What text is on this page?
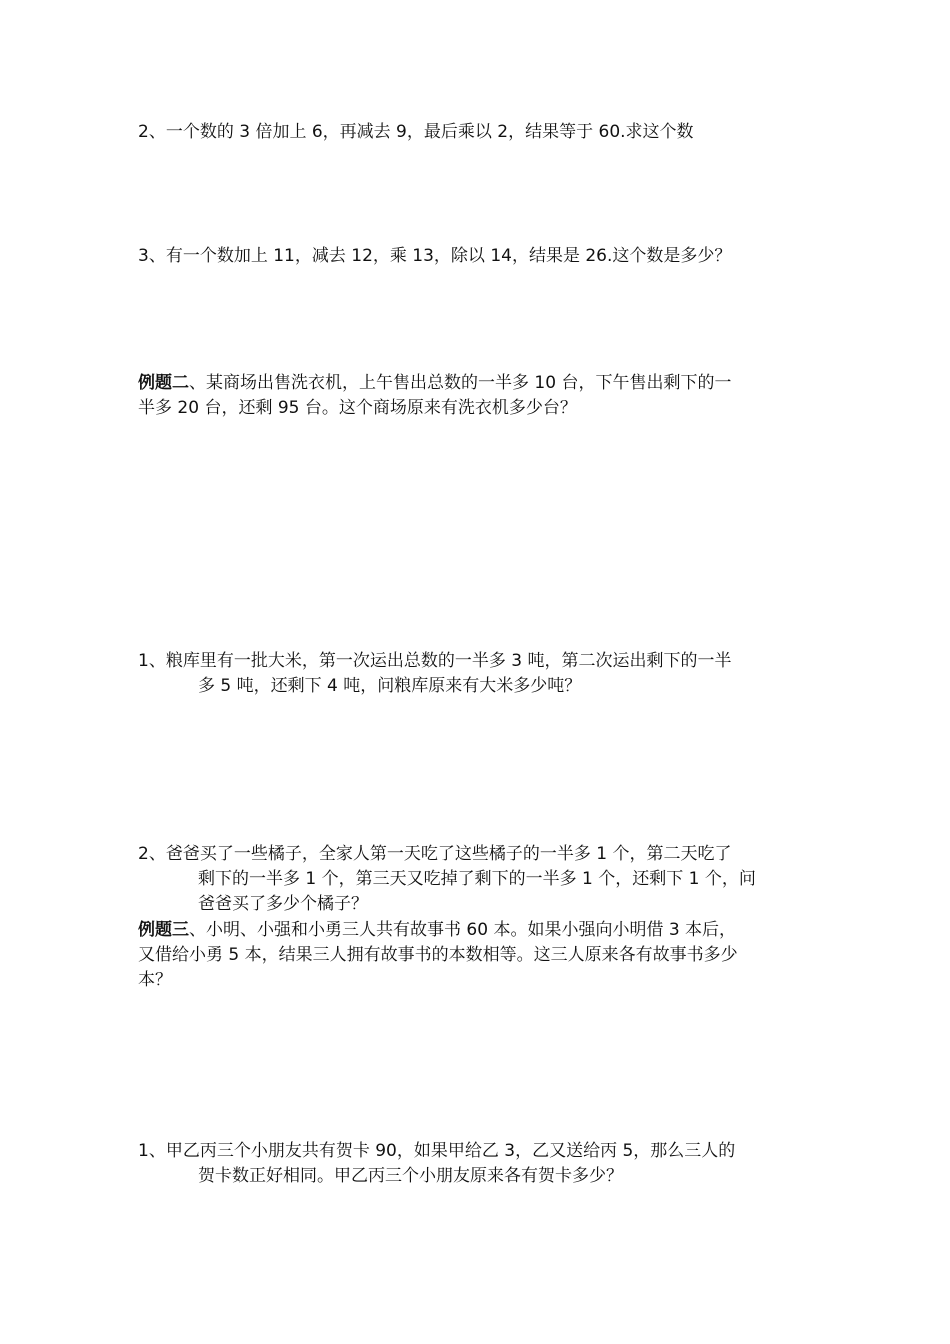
2、一个数的 3 倍加上 6，再减去 9，最后乘以 2，结果等于 60.求这个数
3、有一个数加上 11，减去 12，乘 13，除以 14，结果是 26.这个数是多少？
例题二、某商场出售洗衣机，上午售出总数的一半多 10 台，下午售出剩下的一
半多 20 台，还剩 95 台。这个商场原来有洗衣机多少台？
1、粮库里有一批大米，第一次运出总数的一半多 3 吨，第二次运出剩下的一半
多 5 吨，还剩下 4 吨，问粮库原来有大米多少吨？
2、爸爸买了一些橘子，全家人第一天吃了这些橘子的一半多 1 个，第二天吃了
剩下的一半多 1 个，第三天又吃掉了剩下的一半多 1 个，还剩下 1 个，问
爸爸买了多少个橘子？
例题三、小明、小强和小勇三人共有故事书 60 本。如果小强向小明借 3 本后，
又借给小勇 5 本，结果三人拥有故事书的本数相等。这三人原来各有故事书多少
本？
1、甲乙丙三个小朋友共有贺卡 90，如果甲给乙 3，乙又送给丙 5，那么三人的
贺卡数正好相同。甲乙丙三个小朋友原来各有贺卡多少？
